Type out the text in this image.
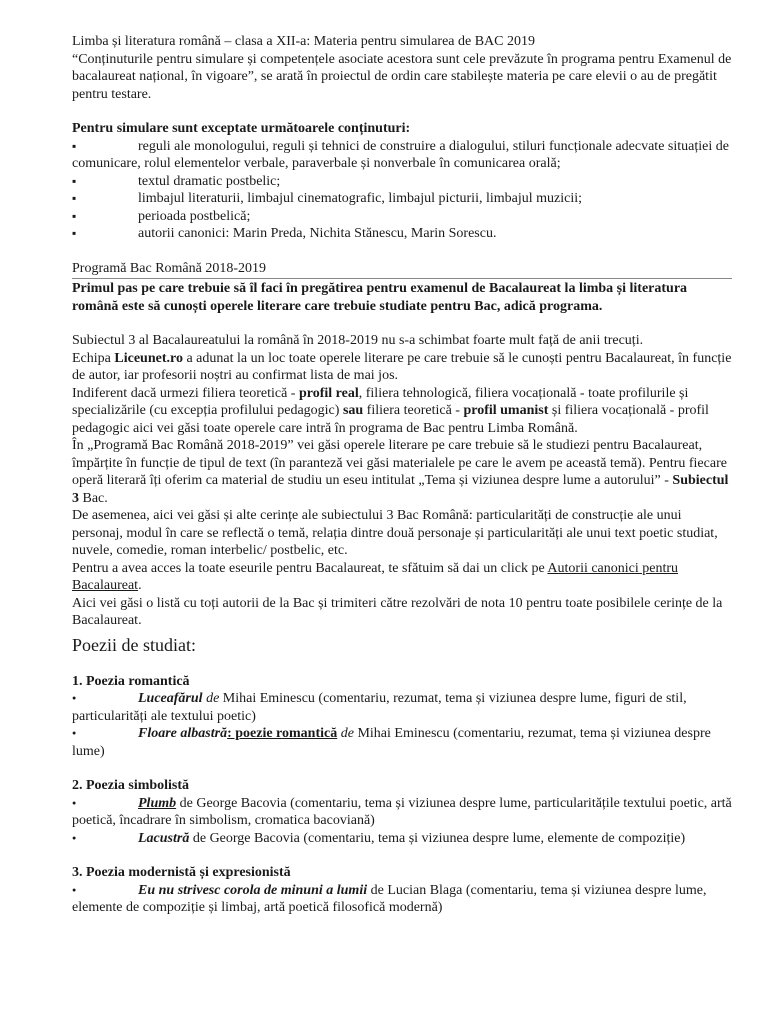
Limba și literatura română – clasa a XII-a: Materia pentru simularea de BAC 2019

“Conținuturile pentru simulare și competențele asociate acestora sunt cele prevăzute în programa pentru Examenul de bacalaureat național, în vigoare”, se arată în proiectul de ordin care stabilește materia pe care elevii o au de pregătit pentru testare.

Pentru simulare sunt exceptate următoarele conținuturi:

▪reguli ale monologului, reguli și tehnici de construire a dialogului, stiluri funcționale adecvate situației de comunicare, rolul elementelor verbale, paraverbale și nonverbale în comunicarea orală;

▪textul dramatic postbelic;

▪limbajul literaturii, limbajul cinematografic, limbajul picturii, limbajul muzicii;

▪perioada postbelică;

▪autorii canonici: Marin Preda, Nichita Stănescu, Marin Sorescu.

Programă Bac Română 2018-2019

Primul pas pe care trebuie să îl faci în pregătirea pentru examenul de Bacalaureat la limba și literatura română este să cunoști operele literare care trebuie studiate pentru Bac, adică programa.

Subiectul 3 al Bacalaureatului la română în 2018-2019 nu s-a schimbat foarte mult față de anii trecuți.

Echipa Liceunet.ro a adunat la un loc toate operele literare pe care trebuie să le cunoști pentru Bacalaureat, în funcție de autor, iar profesorii noștri au confirmat lista de mai jos.

Indiferent dacă urmezi filiera teoretică - profil real, filiera tehnologică, filiera vocațională - toate profilurile și specializările (cu excepția profilului pedagogic) sau filiera teoretică - profil umanist și filiera vocațională - profil pedagogic aici vei găsi toate operele care intră în programa de Bac pentru Limba Română.

În „Programă Bac Română 2018-2019” vei găsi operele literare pe care trebuie să le studiezi pentru Bacalaureat, împărțite în funcție de tipul de text (în paranteză vei găsi materialele pe care le avem pe această temă). Pentru fiecare operă literară îți oferim ca material de studiu un eseu intitulat „Tema și viziunea despre lume a autorului” - Subiectul 3 Bac.

De asemenea, aici vei găsi și alte cerințe ale subiectului 3 Bac Română: particularități de construcție ale unui personaj, modul în care se reflectă o temă, relația dintre două personaje și particularități ale unui text poetic studiat, nuvele, comedie, roman interbelic/ postbelic, etc.

Pentru a avea acces la toate eseurile pentru Bacalaureat, te sfătuim să dai un click pe Autorii canonici pentru Bacalaureat.

Aici vei găsi o listă cu toți autorii de la Bac și trimiteri către rezolvări de nota 10 pentru toate posibilele cerințe de la Bacalaureat.

Poezii de studiat:

1. Poezia romantică

●Luceafărul de Mihai Eminescu (comentariu, rezumat, tema și viziunea despre lume, figuri de stil, particularități ale textului poetic)

●Floare albastră: poezie romantică de Mihai Eminescu (comentariu, rezumat, tema și viziunea despre lume)

2. Poezia simbolistă

●Plumb de George Bacovia (comentariu, tema și viziunea despre lume, particularitățile textului poetic, artă poetică, încadrare în simbolism, cromatica bacoviană)

●Lacustră de George Bacovia (comentariu, tema și viziunea despre lume, elemente de compoziție)

3. Poezia modernistă și expresionistă

●Eu nu strivesc corola de minuni a lumii de Lucian Blaga (comentariu, tema și viziunea despre lume, elemente de compoziție și limbaj, artă poetică filosofică modernă)
